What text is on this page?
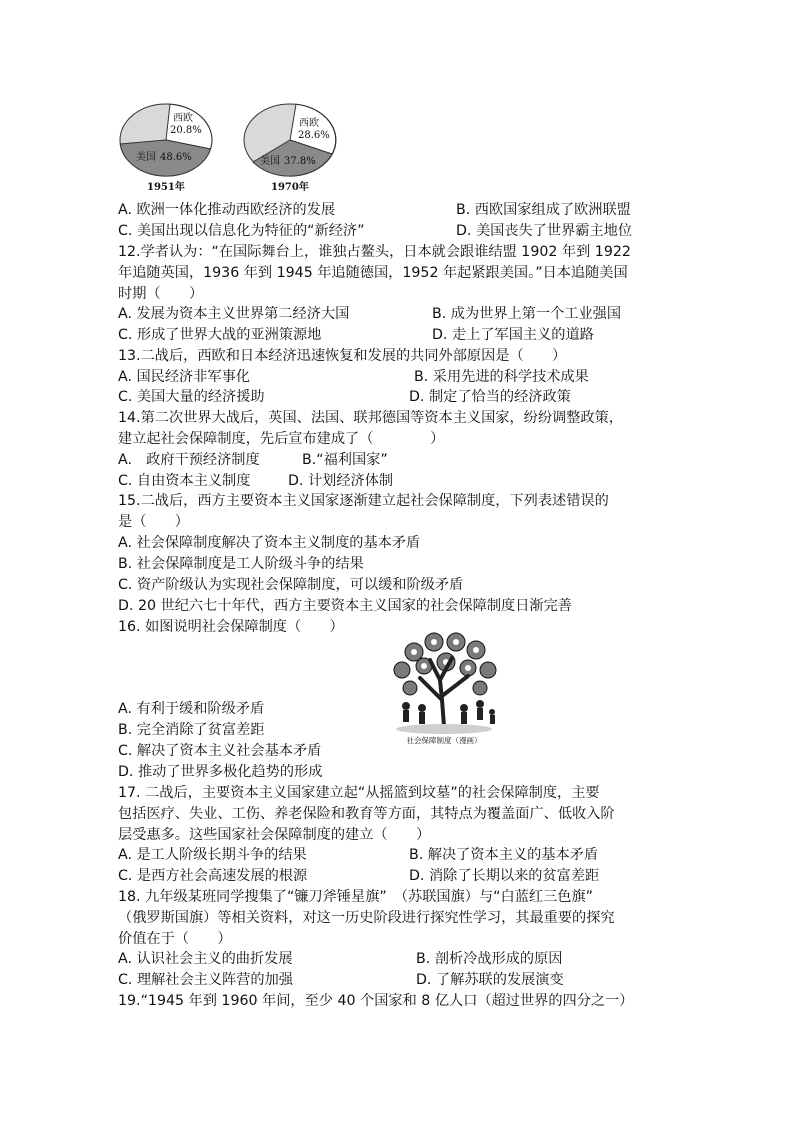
西欧
20.8%
美国 48.6%
1951年
西欧
28.6%
美国 37.8%
1970年
A. 欧洲一体化推动西欧经济的发展	B. 西欧国家组成了欧洲联盟
C. 美国出现以信息化为特征的“新经济”	D. 美国丧失了世界霸主地位
12.学者认为：“在国际舞台上，谁独占鳌头，日本就会跟谁结盟 1902 年到 1922
年追随英国，1936 年到 1945 年追随德国，1952 年起紧跟美国。”日本追随美国
时期（　　）
A. 发展为资本主义世界第二经济大国	B. 成为世界上第一个工业强国
C. 形成了世界大战的亚洲策源地	D. 走上了军国主义的道路
13.二战后，西欧和日本经济迅速恢复和发展的共同外部原因是（　　）
A. 国民经济非军事化	B. 采用先进的科学技术成果
C. 美国大量的经济援助	D. 制定了恰当的经济政策
14.第二次世界大战后，英国、法国、联邦德国等资本主义国家，纷纷调整政策，
建立起社会保障制度，先后宣布建成了（　　　　）
A.　政府干预经济制度	B.“福利国家”
C. 自由资本主义制度	D. 计划经济体制
15.二战后，西方主要资本主义国家逐渐建立起社会保障制度，下列表述错误的
是（　　）
A. 社会保障制度解决了资本主义制度的基本矛盾
B. 社会保障制度是工人阶级斗争的结果
C. 资产阶级认为实现社会保障制度，可以缓和阶级矛盾
D. 20 世纪六七十年代，西方主要资本主义国家的社会保障制度日渐完善
16. 如图说明社会保障制度（　　）
社会保障制度（漫画）
A. 有利于缓和阶级矛盾
B. 完全消除了贫富差距
C. 解决了资本主义社会基本矛盾
D. 推动了世界多极化趋势的形成
17. 二战后，主要资本主义国家建立起“从摇篮到坟墓”的社会保障制度，主要
包括医疗、失业、工伤、养老保险和教育等方面，其特点为覆盖面广、低收入阶
层受惠多。这些国家社会保障制度的建立（　　）
A. 是工人阶级长期斗争的结果	B. 解决了资本主义的基本矛盾
C. 是西方社会高速发展的根源	D. 消除了长期以来的贫富差距
18. 九年级某班同学搜集了“镰刀斧锤星旗”　（苏联国旗）与“白蓝红三色旗”
（俄罗斯国旗）等相关资料，对这一历史阶段进行探究性学习，其最重要的探究
价值在于（　　）
A. 认识社会主义的曲折发展	B. 剖析冷战形成的原因
C. 理解社会主义阵营的加强	D. 了解苏联的发展演变
19.“1945 年到 1960 年间，至少 40 个国家和 8 亿人口（超过世界的四分之一）
